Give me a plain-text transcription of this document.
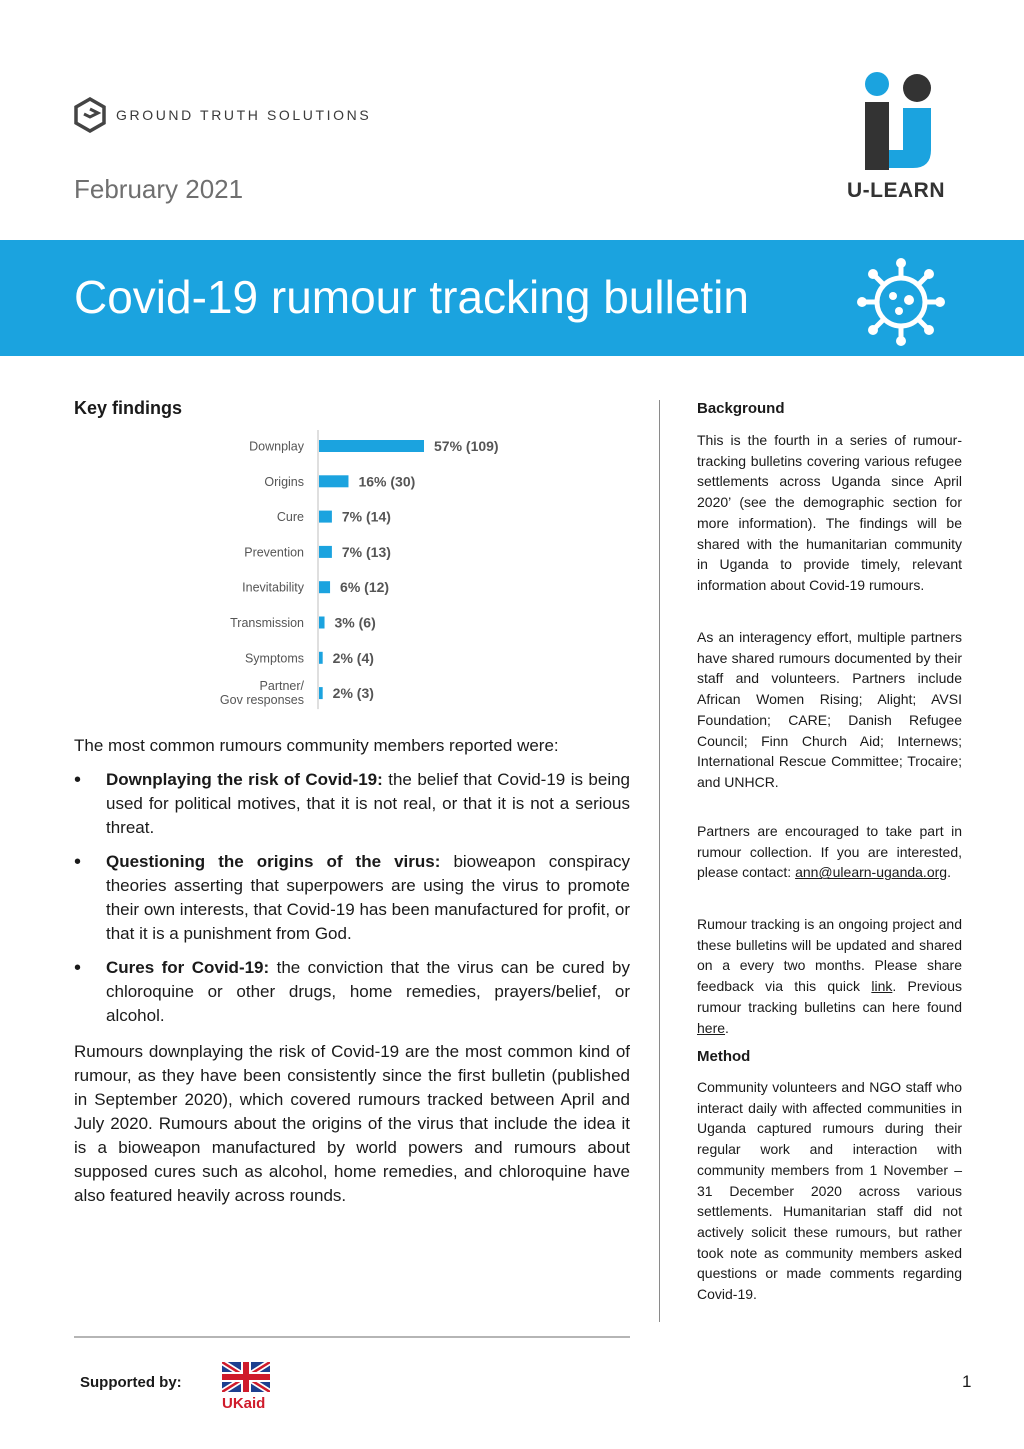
GROUND TRUTH SOLUTIONS
February 2021	U-LEARN
Covid-19 rumour tracking bulletin
Key findings
Downplay	57% (109)
Origins	16% (30)
Cure	7% (14)
Prevention	7% (13)
Inevitability	6% (12)
Transmission 3% (6)
Symptoms 2% (4)
Partner/ Gov responses 2% (3)
The most common rumours community members reported were:
• Downplaying the risk of Covid-19: the belief that Covid-19 is being used for political motives, that it is not real, or that it is not a serious threat.
• Questioning the origins of the virus: bioweapon conspiracy theories asserting that superpowers are using the virus to promote their own interests, that Covid-19 has been manufactured for profit, or that it is a punishment from God.
• Cures for Covid-19: the conviction that the virus can be cured by chloroquine or other drugs, home remedies, prayers/belief, or alcohol.

Rumours downplaying the risk of Covid-19 are the most common kind of rumour, as they have been consistently since the first bulletin (published in September 2020), which covered rumours tracked between April and July 2020. Rumours about the origins of the virus that include the idea it is a bioweapon manufactured by world powers and rumours about supposed cures such as alcohol, home remedies, and chloroquine have also featured heavily across rounds.

Background

This is the fourth in a series of rumour-tracking bulletins covering various refugee settlements across Uganda since April 2020’ (see the demographic section for more information). The findings will be shared with the humanitarian community in Uganda to provide timely, relevant information about Covid-19 rumours.

As an interagency effort, multiple partners have shared rumours documented by their staff and volunteers. Partners include African Women Rising; Alight; AVSI Foundation; CARE; Danish Refugee Council; Finn Church Aid; Internews; International Rescue Committee; Trocaire; and UNHCR.

Partners are encouraged to take part in rumour collection. If you are interested, please contact: ann@ulearn-uganda.org.

Rumour tracking is an ongoing project and these bulletins will be updated and shared on a every two months. Please share feedback via this quick link. Previous rumour tracking bulletins can here found here.

Method

Community volunteers and NGO staff who interact daily with affected communities in Uganda captured rumours during their regular work and interaction with community members from 1 November – 31 December 2020 across various settlements. Humanitarian staff did not actively solicit these rumours, but rather took note as community members asked questions or made comments regarding Covid-19.

Supported by:
UKaid
1
